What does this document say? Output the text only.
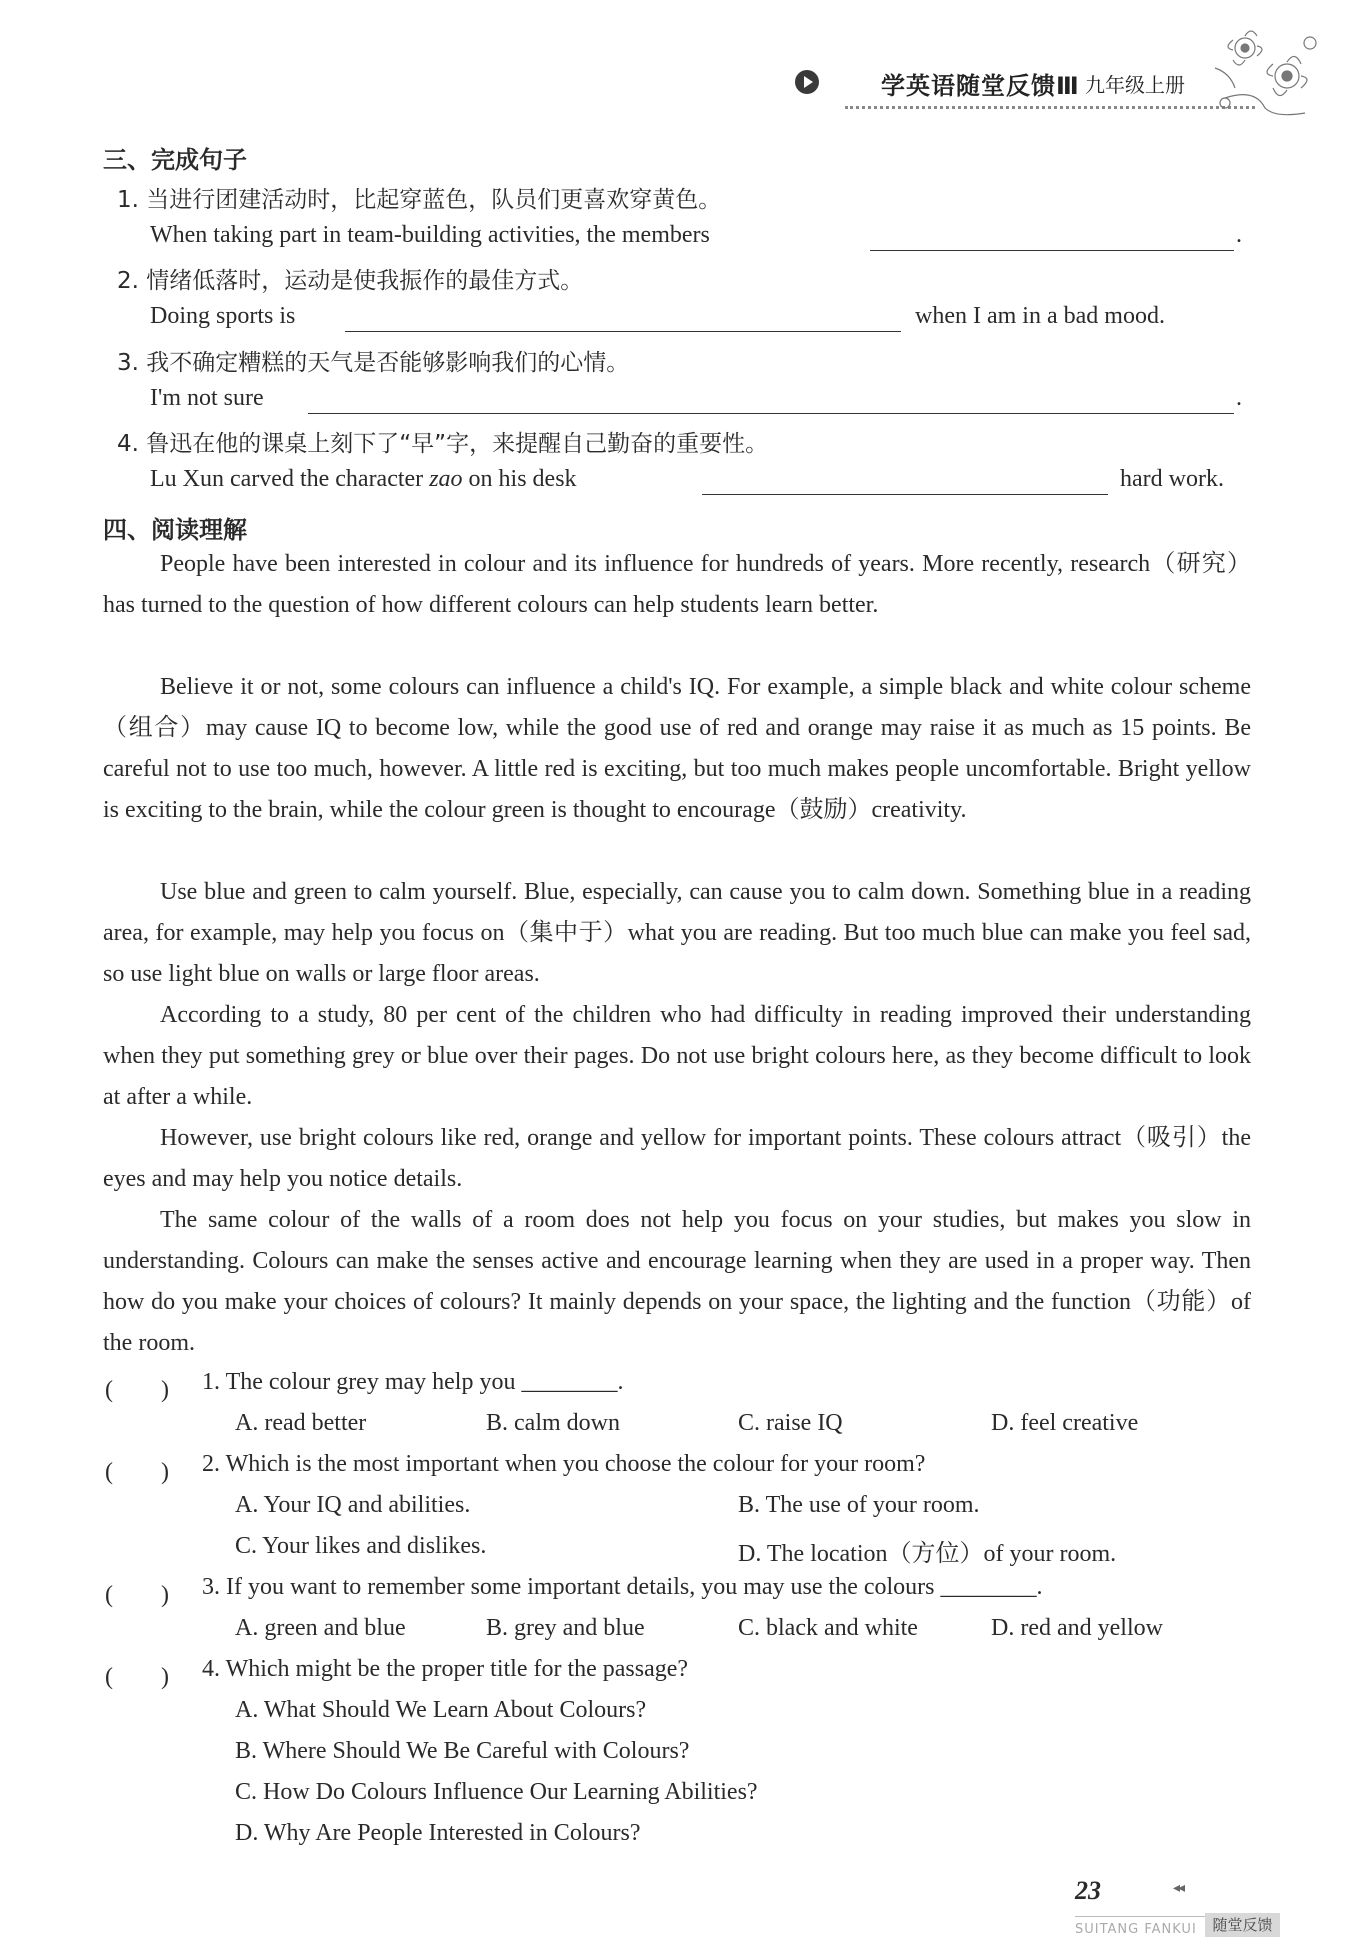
学英语随堂反馈Ⅲ 九年级上册
三、完成句子
1. 当进行团建活动时，比起穿蓝色，队员们更喜欢穿黄色。
When taking part in team-building activities, the members	.
2. 情绪低落时，运动是使我振作的最佳方式。
Doing sports is	when I am in a bad mood.
3. 我不确定糟糕的天气是否能够影响我们的心情。
I'm not sure	.
4. 鲁迅在他的课桌上刻下了“早”字，来提醒自己勤奋的重要性。
Lu Xun carved the character zao on his desk	hard work.
四、阅读理解

People have been interested in colour and its influence for hundreds of years. More recently, research（研究）has turned to the question of how different colours can help students learn better.

Believe it or not, some colours can influence a child's IQ. For example, a simple black and white colour scheme（组合）may cause IQ to become low, while the good use of red and orange may raise it as much as 15 points. Be careful not to use too much, however. A little red is exciting, but too much makes people uncomfortable. Bright yellow is exciting to the brain, while the colour green is thought to encourage（鼓励）creativity.

Use blue and green to calm yourself. Blue, especially, can cause you to calm down. Something blue in a reading area, for example, may help you focus on（集中于）what you are reading. But too much blue can make you feel sad, so use light blue on walls or large floor areas.

According to a study, 80 per cent of the children who had difficulty in reading improved their understanding when they put something grey or blue over their pages. Do not use bright colours here, as they become difficult to look at after a while.

However, use bright colours like red, orange and yellow for important points. These colours attract（吸引）the eyes and may help you notice details.

The same colour of the walls of a room does not help you focus on your studies, but makes you slow in understanding. Colours can make the senses active and encourage learning when they are used in a proper way. Then how do you make your choices of colours? It mainly depends on your space, the lighting and the function（功能）of the room.

(　　) 1. The colour grey may help you ________.
A. read better	B. calm down	C. raise IQ	D. feel creative
(　　) 2. Which is the most important when you choose the colour for your room?
A. Your IQ and abilities.	B. The use of your room.
C. Your likes and dislikes.	D. The location（方位）of your room.
(　　) 3. If you want to remember some important details, you may use the colours ________.
A. green and blue	B. grey and blue	C. black and white	D. red and yellow
(　　) 4. Which might be the proper title for the passage?
A. What Should We Learn About Colours?
B. Where Should We Be Careful with Colours?
C. How Do Colours Influence Our Learning Abilities?
D. Why Are People Interested in Colours?
23	◂◂
SUITANG FANKUI	随堂反馈
